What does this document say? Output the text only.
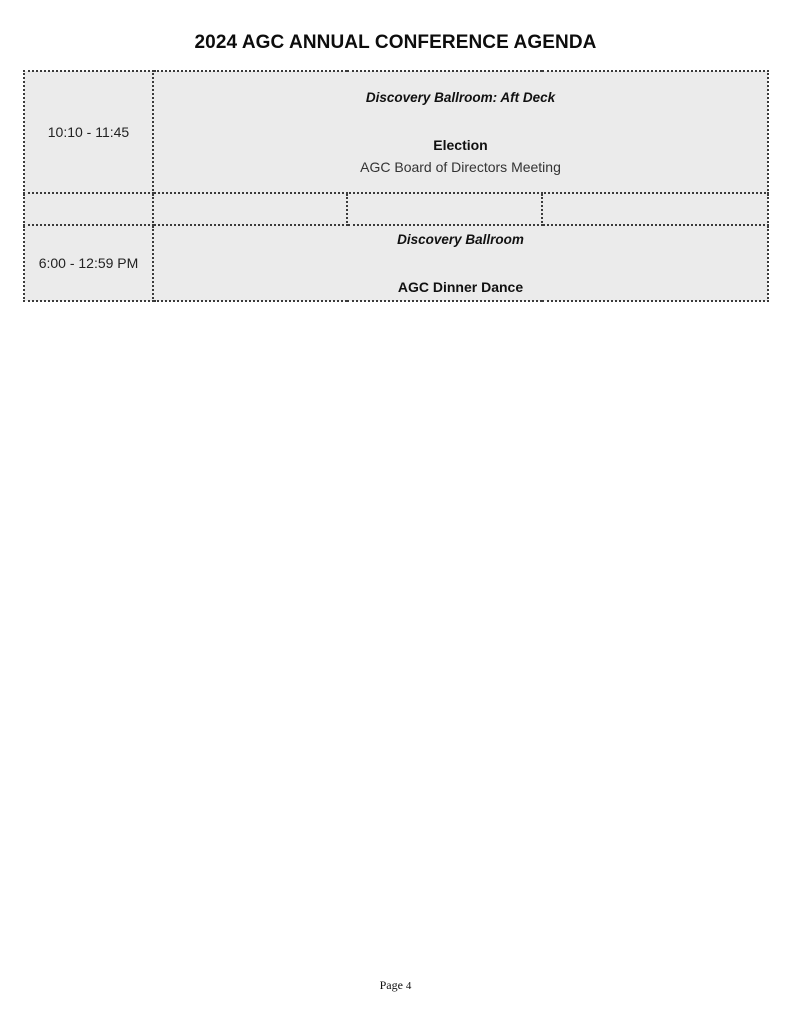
2024 AGC ANNUAL CONFERENCE AGENDA
10:10 - 11:45	Discovery Ballroom: Aft Deck
Election
AGC Board of Directors Meeting		

6:00 - 12:59 PM	Discovery Ballroom
AGC Dinner Dance		
Page 4
